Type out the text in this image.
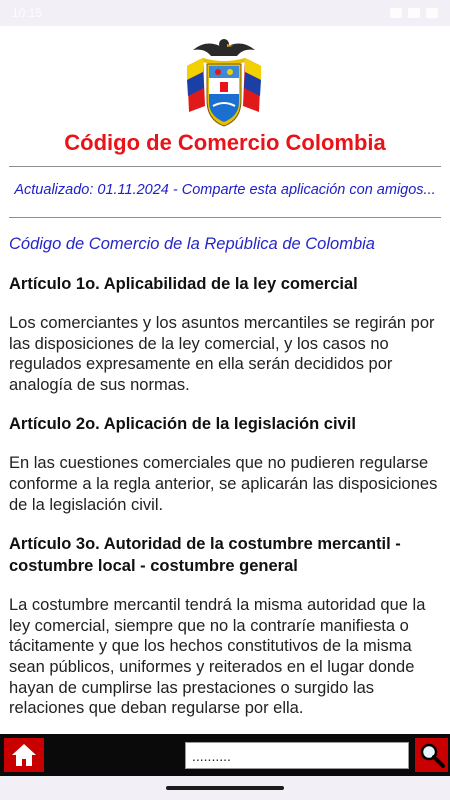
10:15
Código de Comercio Colombia
Actualizado: 01.11.2024 - Comparte esta aplicación con amigos...

Código de Comercio de la República de Colombia

Artículo 1o. Aplicabilidad de la ley comercial

Los comerciantes y los asuntos mercantiles se regirán por las disposiciones de la ley comercial, y los casos no regulados expresamente en ella serán decididos por analogía de sus normas.

Artículo 2o. Aplicación de la legislación civil

En las cuestiones comerciales que no pudieren regularse conforme a la regla anterior, se aplicarán las disposiciones de la legislación civil.

Artículo 3o. Autoridad de la costumbre mercantil - costumbre local - costumbre general

La costumbre mercantil tendrá la misma autoridad que la ley comercial, siempre que no la contraríe manifiesta o tácitamente y que los hechos constitutivos de la misma sean públicos, uniformes y reiterados en el lugar donde hayan de cumplirse las prestaciones o surgido las relaciones que deban regularse por ella.

..........
